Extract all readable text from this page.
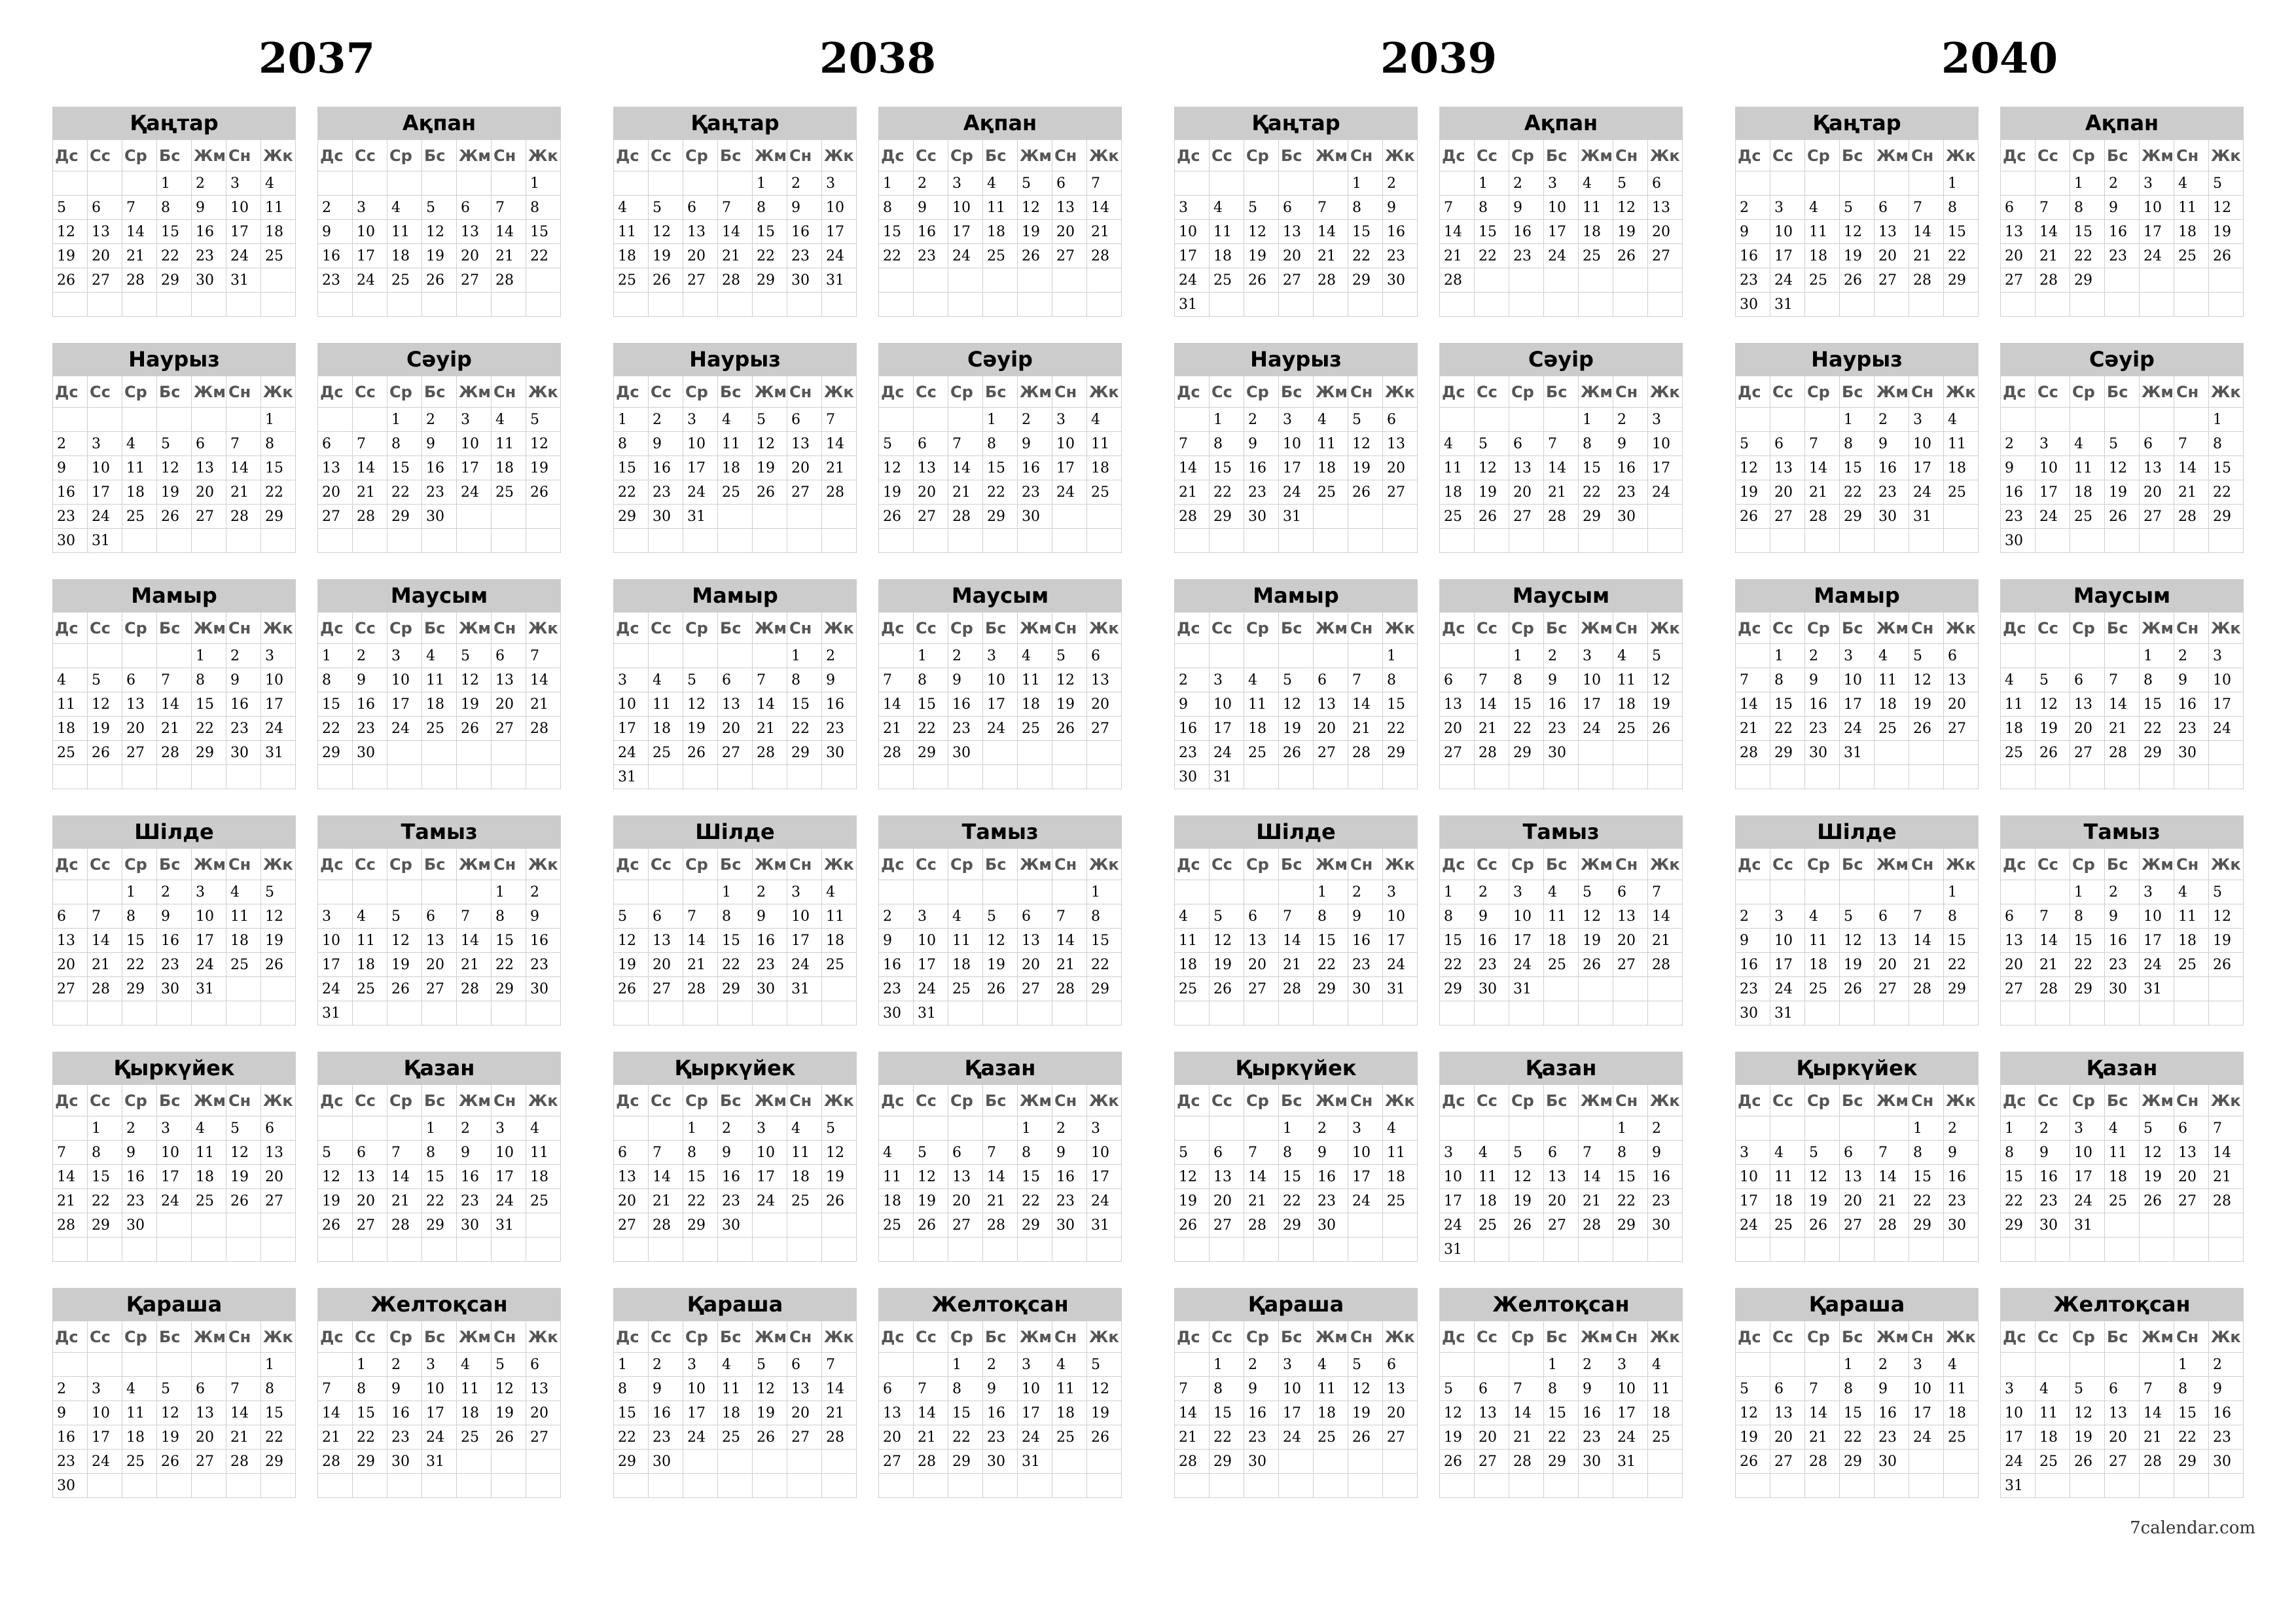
2037
Қаңтар
Дс	Сс	Ср	Бс	Жм	Сн	Жк
			1	2	3	4
5	6	7	8	9	10	11
12	13	14	15	16	17	18
19	20	21	22	23	24	25
26	27	28	29	30	31	

Ақпан
Дс	Сс	Ср	Бс	Жм	Сн	Жк
						1
2	3	4	5	6	7	8
9	10	11	12	13	14	15
16	17	18	19	20	21	22
23	24	25	26	27	28	

Наурыз
Дс	Сс	Ср	Бс	Жм	Сн	Жк
						1
2	3	4	5	6	7	8
9	10	11	12	13	14	15
16	17	18	19	20	21	22
23	24	25	26	27	28	29
30	31					
Сәуір
Дс	Сс	Ср	Бс	Жм	Сн	Жк
		1	2	3	4	5
6	7	8	9	10	11	12
13	14	15	16	17	18	19
20	21	22	23	24	25	26
27	28	29	30			

Мамыр
Дс	Сс	Ср	Бс	Жм	Сн	Жк
				1	2	3
4	5	6	7	8	9	10
11	12	13	14	15	16	17
18	19	20	21	22	23	24
25	26	27	28	29	30	31

Маусым
Дс	Сс	Ср	Бс	Жм	Сн	Жк
1	2	3	4	5	6	7
8	9	10	11	12	13	14
15	16	17	18	19	20	21
22	23	24	25	26	27	28
29	30					

Шілде
Дс	Сс	Ср	Бс	Жм	Сн	Жк
		1	2	3	4	5
6	7	8	9	10	11	12
13	14	15	16	17	18	19
20	21	22	23	24	25	26
27	28	29	30	31		

Тамыз
Дс	Сс	Ср	Бс	Жм	Сн	Жк
					1	2
3	4	5	6	7	8	9
10	11	12	13	14	15	16
17	18	19	20	21	22	23
24	25	26	27	28	29	30
31						
Қыркүйек
Дс	Сс	Ср	Бс	Жм	Сн	Жк
	1	2	3	4	5	6
7	8	9	10	11	12	13
14	15	16	17	18	19	20
21	22	23	24	25	26	27
28	29	30				

Қазан
Дс	Сс	Ср	Бс	Жм	Сн	Жк
			1	2	3	4
5	6	7	8	9	10	11
12	13	14	15	16	17	18
19	20	21	22	23	24	25
26	27	28	29	30	31	

Қараша
Дс	Сс	Ср	Бс	Жм	Сн	Жк
						1
2	3	4	5	6	7	8
9	10	11	12	13	14	15
16	17	18	19	20	21	22
23	24	25	26	27	28	29
30						
Желтоқсан
Дс	Сс	Ср	Бс	Жм	Сн	Жк
	1	2	3	4	5	6
7	8	9	10	11	12	13
14	15	16	17	18	19	20
21	22	23	24	25	26	27
28	29	30	31			

2038
Қаңтар
Дс	Сс	Ср	Бс	Жм	Сн	Жк
				1	2	3
4	5	6	7	8	9	10
11	12	13	14	15	16	17
18	19	20	21	22	23	24
25	26	27	28	29	30	31

Ақпан
Дс	Сс	Ср	Бс	Жм	Сн	Жк
1	2	3	4	5	6	7
8	9	10	11	12	13	14
15	16	17	18	19	20	21
22	23	24	25	26	27	28

Наурыз
Дс	Сс	Ср	Бс	Жм	Сн	Жк
1	2	3	4	5	6	7
8	9	10	11	12	13	14
15	16	17	18	19	20	21
22	23	24	25	26	27	28
29	30	31				

Сәуір
Дс	Сс	Ср	Бс	Жм	Сн	Жк
			1	2	3	4
5	6	7	8	9	10	11
12	13	14	15	16	17	18
19	20	21	22	23	24	25
26	27	28	29	30		

Мамыр
Дс	Сс	Ср	Бс	Жм	Сн	Жк
					1	2
3	4	5	6	7	8	9
10	11	12	13	14	15	16
17	18	19	20	21	22	23
24	25	26	27	28	29	30
31						
Маусым
Дс	Сс	Ср	Бс	Жм	Сн	Жк
	1	2	3	4	5	6
7	8	9	10	11	12	13
14	15	16	17	18	19	20
21	22	23	24	25	26	27
28	29	30				

Шілде
Дс	Сс	Ср	Бс	Жм	Сн	Жк
			1	2	3	4
5	6	7	8	9	10	11
12	13	14	15	16	17	18
19	20	21	22	23	24	25
26	27	28	29	30	31	

Тамыз
Дс	Сс	Ср	Бс	Жм	Сн	Жк
						1
2	3	4	5	6	7	8
9	10	11	12	13	14	15
16	17	18	19	20	21	22
23	24	25	26	27	28	29
30	31					
Қыркүйек
Дс	Сс	Ср	Бс	Жм	Сн	Жк
		1	2	3	4	5
6	7	8	9	10	11	12
13	14	15	16	17	18	19
20	21	22	23	24	25	26
27	28	29	30			

Қазан
Дс	Сс	Ср	Бс	Жм	Сн	Жк
				1	2	3
4	5	6	7	8	9	10
11	12	13	14	15	16	17
18	19	20	21	22	23	24
25	26	27	28	29	30	31

Қараша
Дс	Сс	Ср	Бс	Жм	Сн	Жк
1	2	3	4	5	6	7
8	9	10	11	12	13	14
15	16	17	18	19	20	21
22	23	24	25	26	27	28
29	30					

Желтоқсан
Дс	Сс	Ср	Бс	Жм	Сн	Жк
		1	2	3	4	5
6	7	8	9	10	11	12
13	14	15	16	17	18	19
20	21	22	23	24	25	26
27	28	29	30	31		

2039
Қаңтар
Дс	Сс	Ср	Бс	Жм	Сн	Жк
					1	2
3	4	5	6	7	8	9
10	11	12	13	14	15	16
17	18	19	20	21	22	23
24	25	26	27	28	29	30
31						
Ақпан
Дс	Сс	Ср	Бс	Жм	Сн	Жк
	1	2	3	4	5	6
7	8	9	10	11	12	13
14	15	16	17	18	19	20
21	22	23	24	25	26	27
28						

Наурыз
Дс	Сс	Ср	Бс	Жм	Сн	Жк
	1	2	3	4	5	6
7	8	9	10	11	12	13
14	15	16	17	18	19	20
21	22	23	24	25	26	27
28	29	30	31			

Сәуір
Дс	Сс	Ср	Бс	Жм	Сн	Жк
				1	2	3
4	5	6	7	8	9	10
11	12	13	14	15	16	17
18	19	20	21	22	23	24
25	26	27	28	29	30	

Мамыр
Дс	Сс	Ср	Бс	Жм	Сн	Жк
						1
2	3	4	5	6	7	8
9	10	11	12	13	14	15
16	17	18	19	20	21	22
23	24	25	26	27	28	29
30	31					
Маусым
Дс	Сс	Ср	Бс	Жм	Сн	Жк
		1	2	3	4	5
6	7	8	9	10	11	12
13	14	15	16	17	18	19
20	21	22	23	24	25	26
27	28	29	30			

Шілде
Дс	Сс	Ср	Бс	Жм	Сн	Жк
				1	2	3
4	5	6	7	8	9	10
11	12	13	14	15	16	17
18	19	20	21	22	23	24
25	26	27	28	29	30	31

Тамыз
Дс	Сс	Ср	Бс	Жм	Сн	Жк
1	2	3	4	5	6	7
8	9	10	11	12	13	14
15	16	17	18	19	20	21
22	23	24	25	26	27	28
29	30	31				

Қыркүйек
Дс	Сс	Ср	Бс	Жм	Сн	Жк
			1	2	3	4
5	6	7	8	9	10	11
12	13	14	15	16	17	18
19	20	21	22	23	24	25
26	27	28	29	30		

Қазан
Дс	Сс	Ср	Бс	Жм	Сн	Жк
					1	2
3	4	5	6	7	8	9
10	11	12	13	14	15	16
17	18	19	20	21	22	23
24	25	26	27	28	29	30
31						
Қараша
Дс	Сс	Ср	Бс	Жм	Сн	Жк
	1	2	3	4	5	6
7	8	9	10	11	12	13
14	15	16	17	18	19	20
21	22	23	24	25	26	27
28	29	30				

Желтоқсан
Дс	Сс	Ср	Бс	Жм	Сн	Жк
			1	2	3	4
5	6	7	8	9	10	11
12	13	14	15	16	17	18
19	20	21	22	23	24	25
26	27	28	29	30	31	

2040
Қаңтар
Дс	Сс	Ср	Бс	Жм	Сн	Жк
						1
2	3	4	5	6	7	8
9	10	11	12	13	14	15
16	17	18	19	20	21	22
23	24	25	26	27	28	29
30	31					
Ақпан
Дс	Сс	Ср	Бс	Жм	Сн	Жк
		1	2	3	4	5
6	7	8	9	10	11	12
13	14	15	16	17	18	19
20	21	22	23	24	25	26
27	28	29				

Наурыз
Дс	Сс	Ср	Бс	Жм	Сн	Жк
			1	2	3	4
5	6	7	8	9	10	11
12	13	14	15	16	17	18
19	20	21	22	23	24	25
26	27	28	29	30	31	

Сәуір
Дс	Сс	Ср	Бс	Жм	Сн	Жк
						1
2	3	4	5	6	7	8
9	10	11	12	13	14	15
16	17	18	19	20	21	22
23	24	25	26	27	28	29
30						
Мамыр
Дс	Сс	Ср	Бс	Жм	Сн	Жк
	1	2	3	4	5	6
7	8	9	10	11	12	13
14	15	16	17	18	19	20
21	22	23	24	25	26	27
28	29	30	31			

Маусым
Дс	Сс	Ср	Бс	Жм	Сн	Жк
				1	2	3
4	5	6	7	8	9	10
11	12	13	14	15	16	17
18	19	20	21	22	23	24
25	26	27	28	29	30	

Шілде
Дс	Сс	Ср	Бс	Жм	Сн	Жк
						1
2	3	4	5	6	7	8
9	10	11	12	13	14	15
16	17	18	19	20	21	22
23	24	25	26	27	28	29
30	31					
Тамыз
Дс	Сс	Ср	Бс	Жм	Сн	Жк
		1	2	3	4	5
6	7	8	9	10	11	12
13	14	15	16	17	18	19
20	21	22	23	24	25	26
27	28	29	30	31		

Қыркүйек
Дс	Сс	Ср	Бс	Жм	Сн	Жк
					1	2
3	4	5	6	7	8	9
10	11	12	13	14	15	16
17	18	19	20	21	22	23
24	25	26	27	28	29	30

Қазан
Дс	Сс	Ср	Бс	Жм	Сн	Жк
1	2	3	4	5	6	7
8	9	10	11	12	13	14
15	16	17	18	19	20	21
22	23	24	25	26	27	28
29	30	31				

Қараша
Дс	Сс	Ср	Бс	Жм	Сн	Жк
			1	2	3	4
5	6	7	8	9	10	11
12	13	14	15	16	17	18
19	20	21	22	23	24	25
26	27	28	29	30		

Желтоқсан
Дс	Сс	Ср	Бс	Жм	Сн	Жк
					1	2
3	4	5	6	7	8	9
10	11	12	13	14	15	16
17	18	19	20	21	22	23
24	25	26	27	28	29	30
31						
7calendar.com
